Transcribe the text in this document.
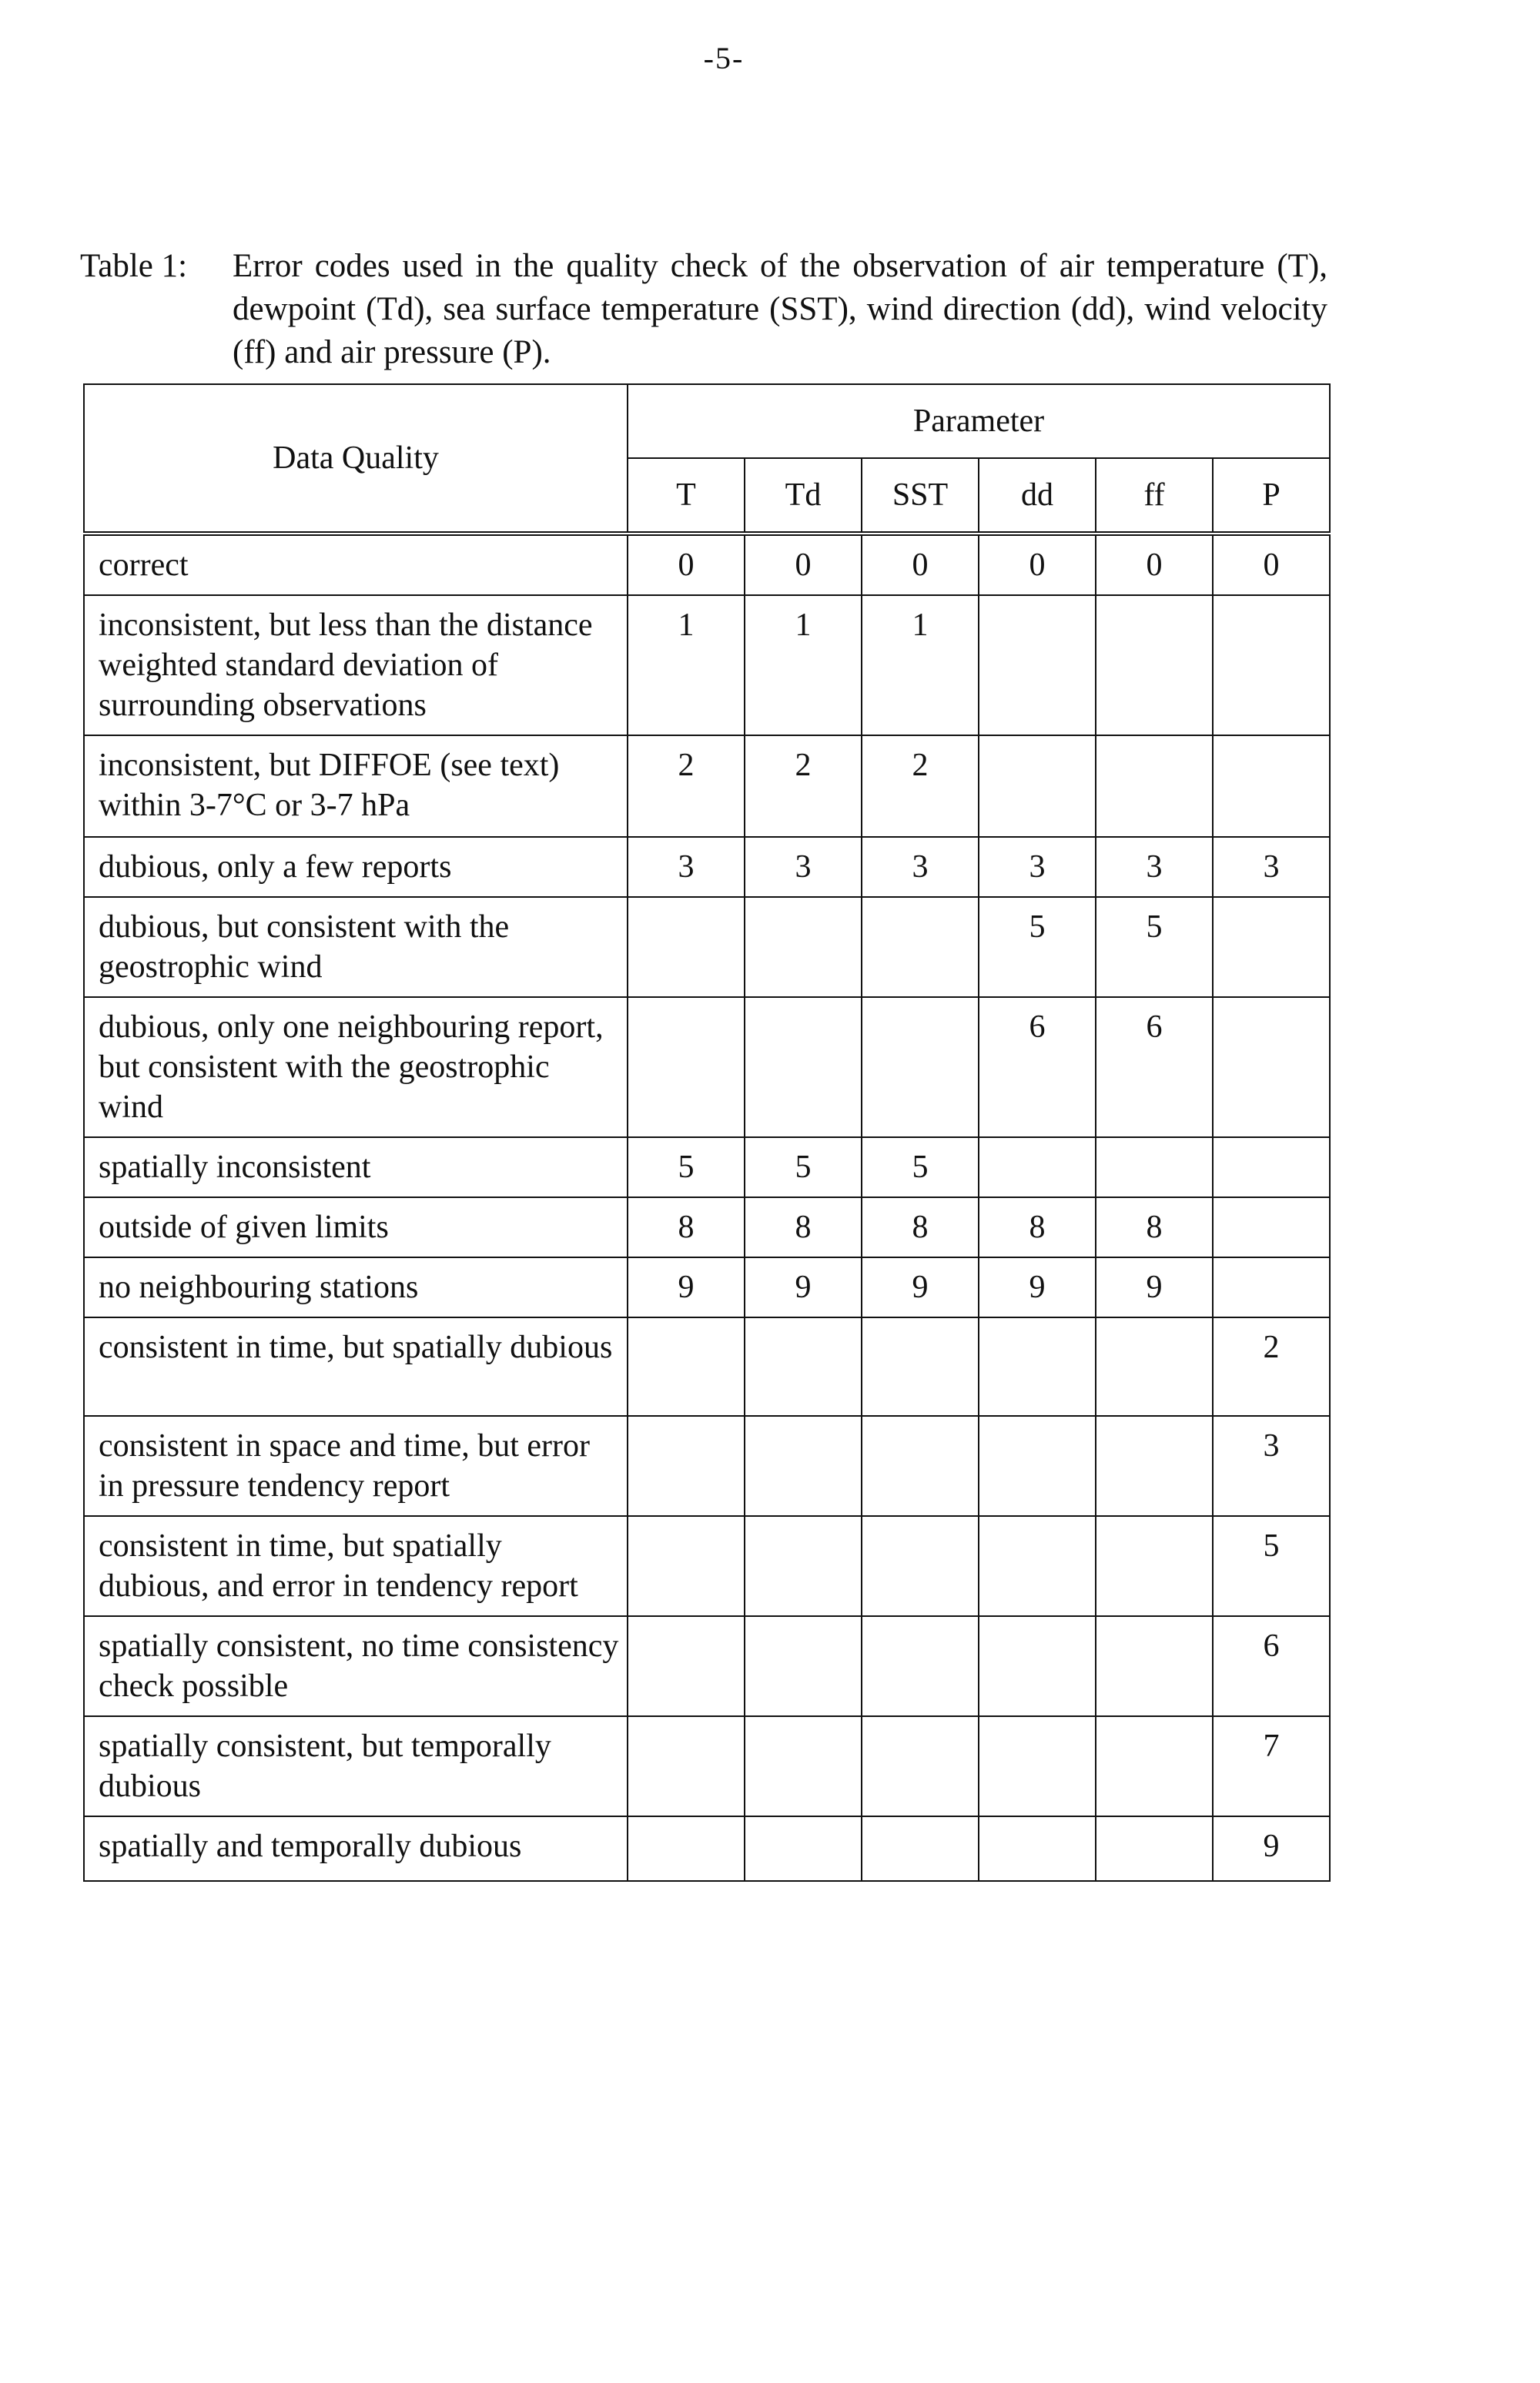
-5-
Table 1:	Error codes used in the quality check of the observation of air temperature (T), dewpoint (Td), sea surface temperature (SST), wind direction (dd), wind velocity (ff) and air pressure (P).
Data Quality	Parameter					
	T	Td	SST	dd	ff	P
correct	0	0	0	0	0	0
inconsistent, but less than the distance weighted standard deviation of surrounding observations	1	1	1			
inconsistent, but DIFFOE (see text) within 3-7°C or 3-7 hPa	2	2	2			
dubious, only a few reports	3	3	3	3	3	3
dubious, but consistent with the geostrophic wind				5	5	
dubious, only one neighbouring report, but consistent with the geostrophic wind				6	6	
spatially inconsistent	5	5	5			
outside of given limits	8	8	8	8	8	
no neighbouring stations	9	9	9	9	9	
consistent in time, but spatially dubious						2
consistent in space and time, but error in pressure tendency report						3
consistent in time, but spatially dubious, and error in tendency report						5
spatially consistent, no time consistency check possible						6
spatially consistent, but temporally dubious						7
spatially and temporally dubious						9
